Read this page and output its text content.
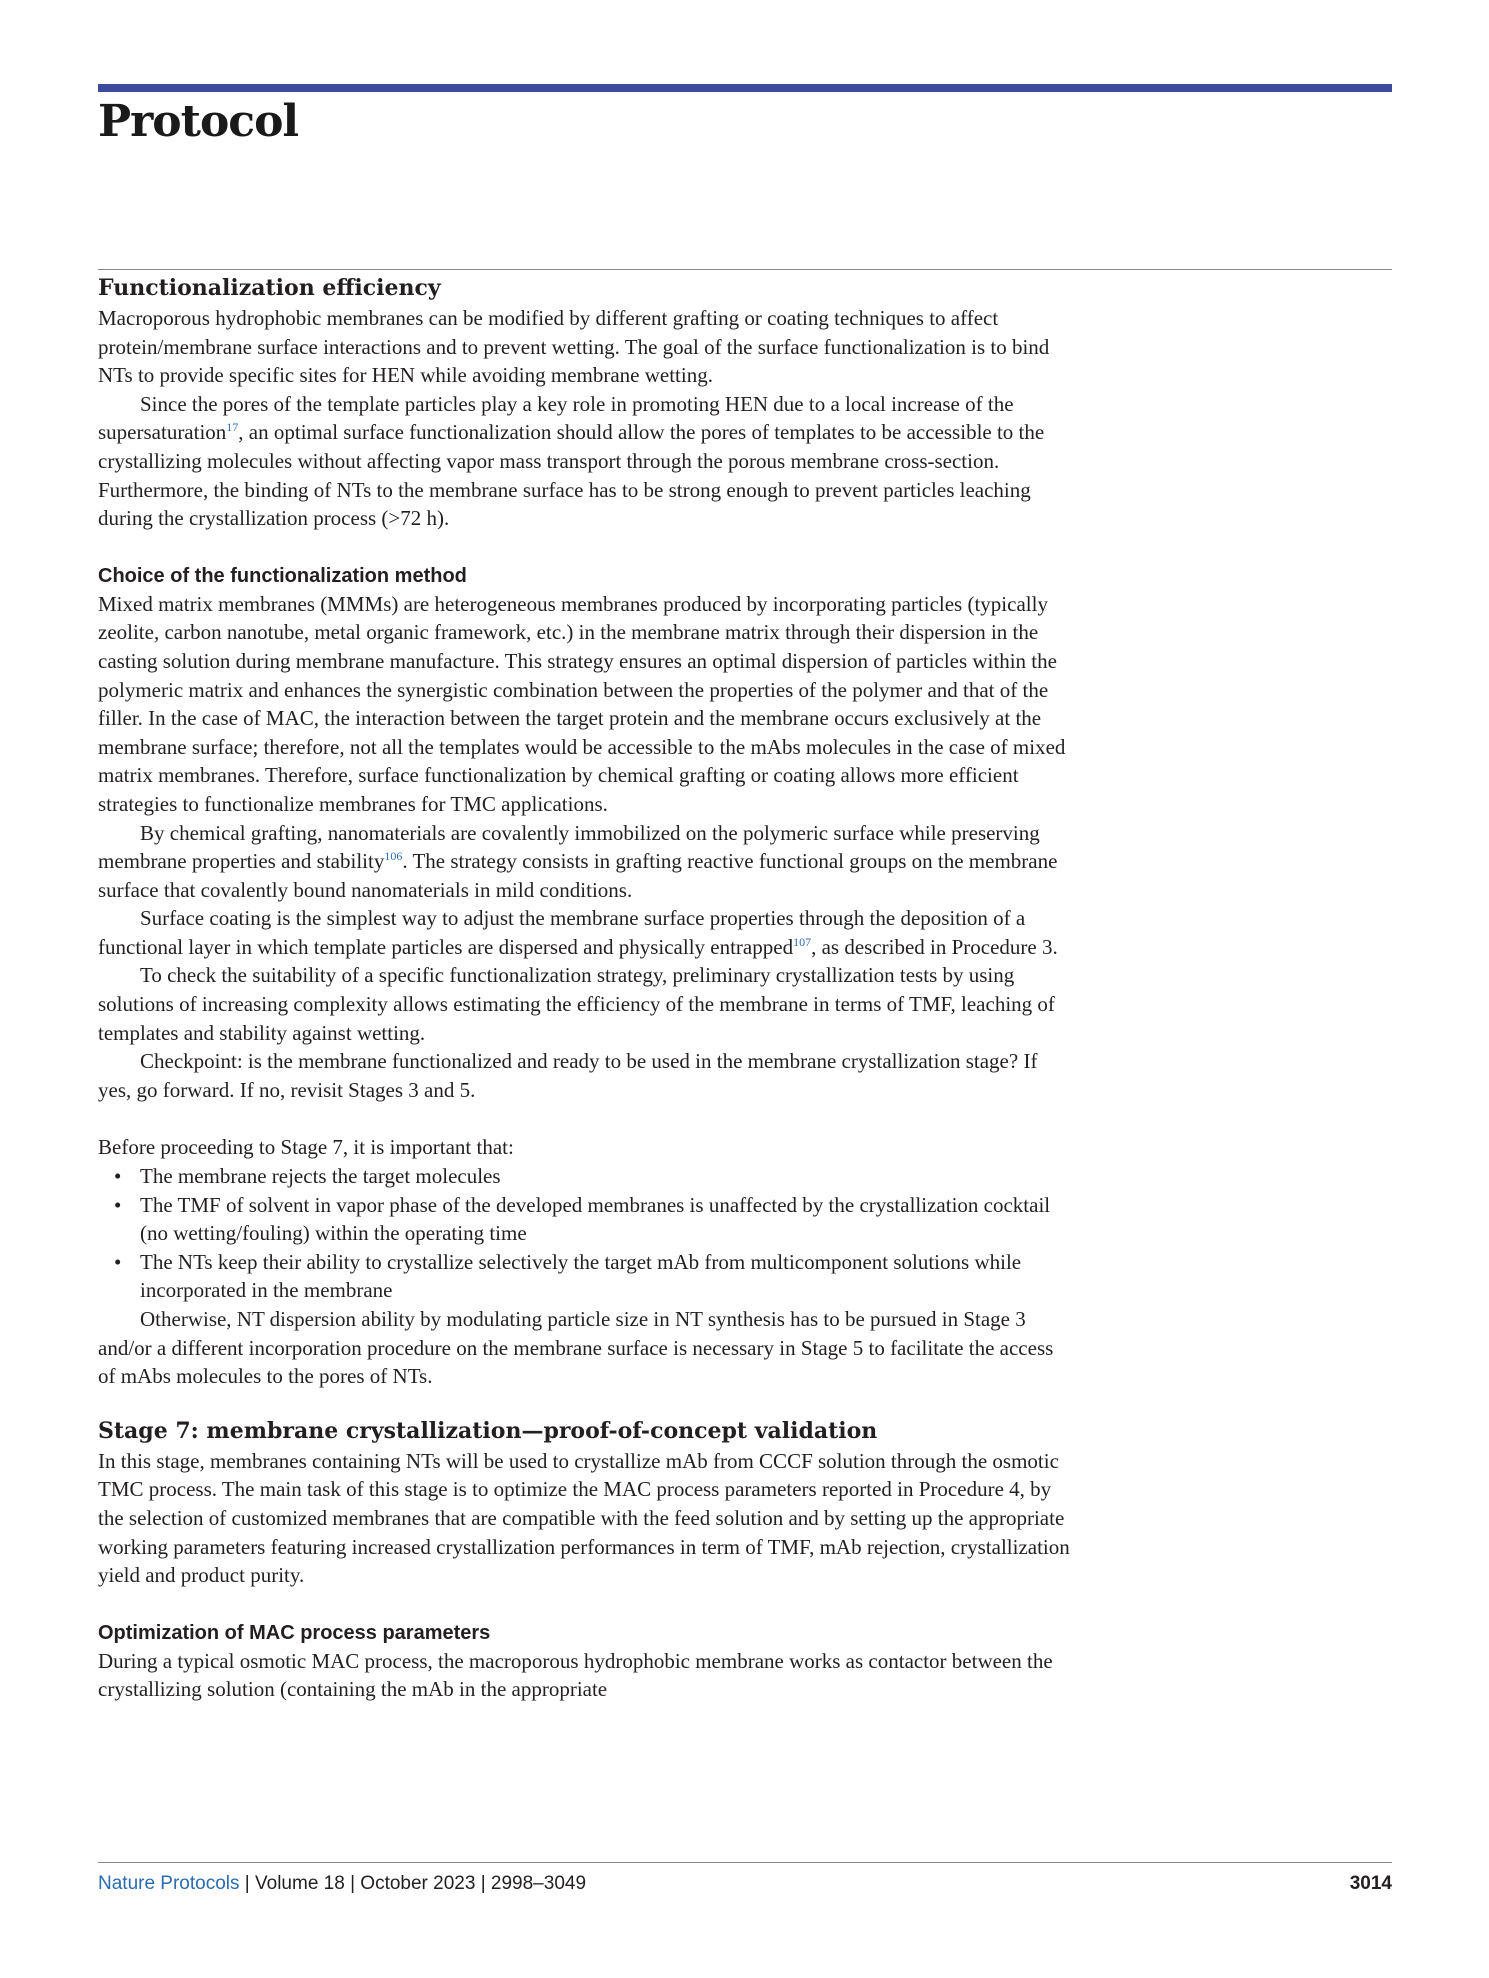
Protocol
Functionalization efficiency

Macroporous hydrophobic membranes can be modified by different grafting or coating techniques to affect protein/membrane surface interactions and to prevent wetting. The goal of the surface functionalization is to bind NTs to provide specific sites for HEN while avoiding membrane wetting.

Since the pores of the template particles play a key role in promoting HEN due to a local increase of the supersaturation$^{17}$, an optimal surface functionalization should allow the pores of templates to be accessible to the crystallizing molecules without affecting vapor mass transport through the porous membrane cross-section. Furthermore, the binding of NTs to the membrane surface has to be strong enough to prevent particles leaching during the crystallization process (>72 h).

Choice of the functionalization method

Mixed matrix membranes (MMMs) are heterogeneous membranes produced by incorporating particles (typically zeolite, carbon nanotube, metal organic framework, etc.) in the membrane matrix through their dispersion in the casting solution during membrane manufacture. This strategy ensures an optimal dispersion of particles within the polymeric matrix and enhances the synergistic combination between the properties of the polymer and that of the filler. In the case of MAC, the interaction between the target protein and the membrane occurs exclusively at the membrane surface; therefore, not all the templates would be accessible to the mAbs molecules in the case of mixed matrix membranes. Therefore, surface functionalization by chemical grafting or coating allows more efficient strategies to functionalize membranes for TMC applications.

By chemical grafting, nanomaterials are covalently immobilized on the polymeric surface while preserving membrane properties and stability$^{106}$. The strategy consists in grafting reactive functional groups on the membrane surface that covalently bound nanomaterials in mild conditions.

Surface coating is the simplest way to adjust the membrane surface properties through the deposition of a functional layer in which template particles are dispersed and physically entrapped$^{107}$, as described in Procedure 3.

To check the suitability of a specific functionalization strategy, preliminary crystallization tests by using solutions of increasing complexity allows estimating the efficiency of the membrane in terms of TMF, leaching of templates and stability against wetting.

Checkpoint: is the membrane functionalized and ready to be used in the membrane crystallization stage? If yes, go forward. If no, revisit Stages 3 and 5.

Before proceeding to Stage 7, it is important that:

• The membrane rejects the target molecules
• The TMF of solvent in vapor phase of the developed membranes is unaffected by the crystallization cocktail (no wetting/fouling) within the operating time
• The NTs keep their ability to crystallize selectively the target mAb from multicomponent solutions while incorporated in the membrane

Otherwise, NT dispersion ability by modulating particle size in NT synthesis has to be pursued in Stage 3 and/or a different incorporation procedure on the membrane surface is necessary in Stage 5 to facilitate the access of mAbs molecules to the pores of NTs.

Stage 7: membrane crystallization—proof-of-concept validation

In this stage, membranes containing NTs will be used to crystallize mAb from CCCF solution through the osmotic TMC process. The main task of this stage is to optimize the MAC process parameters reported in Procedure 4, by the selection of customized membranes that are compatible with the feed solution and by setting up the appropriate working parameters featuring increased crystallization performances in term of TMF, mAb rejection, crystallization yield and product purity.

Optimization of MAC process parameters

During a typical osmotic MAC process, the macroporous hydrophobic membrane works as contactor between the crystallizing solution (containing the mAb in the appropriate

Nature Protocols | Volume 18 | October 2023 | 2998–3049	3014
